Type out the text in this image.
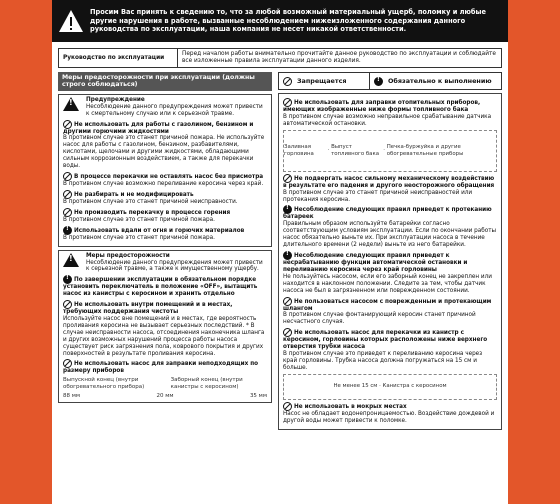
Просим Вас принять к сведению то, что за любой возможный материальный ущерб, поломку и любые другие нарушения в работе, вызванные несоблюдением нижеизложенного содержания данного руководства по эксплуатации, наша компания не несет никакой ответственности.
Руководство по эксплуатации
Перед началом работы внимательно прочитайте данное руководство по эксплуатации и соблюдайте все изложенные правила эксплуатации данного изделия.
Меры предосторожности при эксплуатации (должны строго соблюдаться)
! Предупреждение
Несоблюдение данного предупреждения может привести к смертельному случаю или к серьезной травме.
Не использовать для работы с газолином, бензином и другими горючими жидкостями
В противном случае это станет причиной пожара. Не используйте насос для работы с газолином, бензином, разбавителями, кислотами, щелочами и другими жидкостями, обладающими сильным коррозионным воздействием, а также для перекачки воды.
В процессе перекачки не оставлять насос без присмотра
В противном случае возможно переливание керосина через край.
Не разбирать и не модифицировать
В противном случае это станет причиной неисправности.
Не производить перекачку в процессе горения
В противном случае это станет причиной пожара.
!Использовать вдали от огня и горючих материалов
В противном случае это станет причиной пожара.
! Меры предосторожности
Несоблюдение данного предупреждения может привести к серьезной травме, а также к имущественному ущербу.
!По завершении эксплуатации в обязательном порядке установить переключатель в положение «OFF», вытащить насос из канистры с керосином и хранить отдельно
Не использовать внутри помещений и в местах, требующих поддержания чистоты
Используйте насос вне помещений и в местах, где вероятность проливания керосина не вызывает серьезных последствий. * В случае неисправности насоса, отсоединения наконечника шланга и других возможных нарушений процесса работы насоса существует риск загрязнения пола, коврового покрытия и других поверхностей в результате проливания керосина.
Не использовать насос для заправки неподходящих по размеру приборов
Выпускной конец (внутри обогревательного прибора)
Заборный конец (внутри канистры с керосином)
88 мм	20 мм	35 мм
Запрещается
!	Обязательно к выполнению
Не использовать для заправки отопительных приборов, имеющих изображенные ниже формы топливного бака
В противном случае возможно неправильное срабатывание датчика автоматической остановки.
Заливная горловина
·
Выпуст топливного бака
·
Печка-буржуйка и другие обогревательные приборы
Не подвергать насос сильному механическому воздействию в результате его падения и другого неосторожного обращения
В противном случае это станет причиной неисправностей или протекания керосина.
!Несоблюдение следующих правил приведет к протеканию батареек
Правильным образом используйте батарейки согласно соответствующим условиям эксплуатации. Если по окончании работы насос обязательно выньте их. При эксплуатации насоса в течение длительного времени (2 недели) выньте из него батарейки.
!Несоблюдение следующих правил приведет к несрабатыванию функции автоматической остановки и переливанию керосина через край горловины
Не пользуйтесь насосом, если его заборный конец не закреплен или находится в наклонном положении. Следите за тем, чтобы датчик насоса не был в загрязненном или поврежденном состоянии.
Не пользоваться насосом с поврежденным и протекающим шлангом
В противном случае фонтанирующий керосин станет причиной несчастного случая.
Не использовать насос для перекачки из канистр с керосином, горловины которых расположены ниже верхнего отверстия трубки насоса
В противном случае это приведет к переливанию керосина через край горловины. Трубка насоса должна погружаться на 15 см и больше.
Не менее 15 см · Канистра с керосином
Не использовать в мокрых местах
Насос не обладает водонепроницаемостью. Воздействие дождевой и другой воды может привести к поломке.
